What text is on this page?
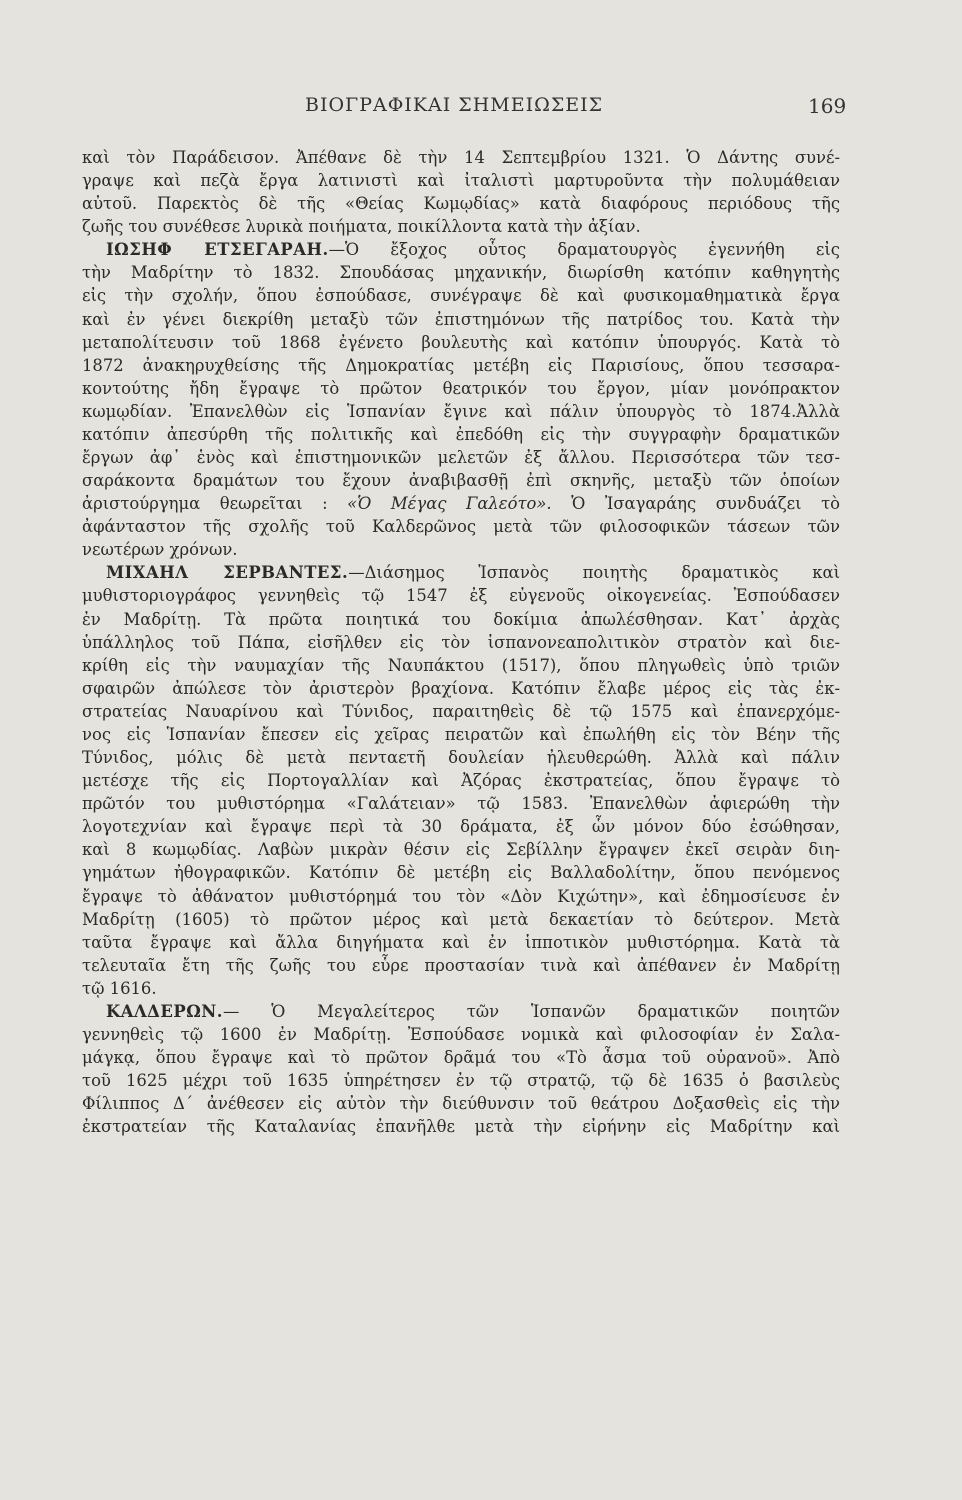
ΒΙΟΓΡΑΦΙΚΑΙ ΣΗΜΕΙΩΣΕΙΣ	169
καὶ τὸν Παράδεισον. Ἀπέθανε δὲ τὴν 14 Σεπτεμβρίου 1321. Ὁ Δάντης συνέ-
γραψε καὶ πεζὰ ἔργα λατινιστὶ καὶ ἰταλιστὶ μαρτυροῦντα τὴν πολυμάθειαν
αὐτοῦ. Παρεκτὸς δὲ τῆς «Θείας Κωμῳδίας» κατὰ διαφόρους περιόδους τῆς
ζωῆς του συνέθεσε λυρικὰ ποιήματα, ποικίλλοντα κατὰ τὴν ἀξίαν.
ΙΩΣΗΦ ΕΤΣΕΓΑΡΑΗ.—Ὁ ἔξοχος οὗτος δραματουργὸς ἐγεννήθη εἰς
τὴν Μαδρίτην τὸ 1832. Σπουδάσας μηχανικήν, διωρίσθη κατόπιν καθηγητὴς
εἰς τὴν σχολήν, ὅπου ἐσπούδασε, συνέγραψε δὲ καὶ φυσικομαθηματικὰ ἔργα
καὶ ἐν γένει διεκρίθη μεταξὺ τῶν ἐπιστημόνων τῆς πατρίδος του. Κατὰ τὴν
μεταπολίτευσιν τοῦ 1868 ἐγένετο βουλευτὴς καὶ κατόπιν ὑπουργός. Κατὰ τὸ
1872 ἀνακηρυχθείσης τῆς Δημοκρατίας μετέβη εἰς Παρισίους, ὅπου τεσσαρα-
κοντούτης ἤδη ἔγραψε τὸ πρῶτον θεατρικόν του ἔργον, μίαν μονόπρακτον
κωμῳδίαν. Ἐπανελθὼν εἰς Ἱσπανίαν ἔγινε καὶ πάλιν ὑπουργὸς τὸ 1874.Ἀλλὰ
κατόπιν ἀπεσύρθη τῆς πολιτικῆς καὶ ἐπεδόθη εἰς τὴν συγγραφὴν δραματικῶν
ἔργων ἀφ᾽ ἑνὸς καὶ ἐπιστημονικῶν μελετῶν ἐξ ἄλλου. Περισσότερα τῶν τεσ-
σαράκοντα δραμάτων του ἔχουν ἀναβιβασθῇ ἐπὶ σκηνῆς, μεταξὺ τῶν ὁποίων
ἀριστούργημα θεωρεῖται : «Ὁ Μέγας Γαλεότο». Ὁ Ἰσαγαράης συνδυάζει τὸ
ἀφάνταστον τῆς σχολῆς τοῦ Καλδερῶνος μετὰ τῶν φιλοσοφικῶν τάσεων τῶν
νεωτέρων χρόνων.
ΜΙΧΑΗΛ ΣΕΡΒΑΝΤΕΣ.—Διάσημος Ἱσπανὸς ποιητὴς δραματικὸς καὶ
μυθιστοριογράφος γεννηθεὶς τῷ 1547 ἐξ εὐγενοῦς οἰκογενείας. Ἐσπούδασεν
ἐν Μαδρίτῃ. Τὰ πρῶτα ποιητικά του δοκίμια ἀπωλέσθησαν. Κατ᾽ ἀρχὰς
ὑπάλληλος τοῦ Πάπα, εἰσῆλθεν εἰς τὸν ἱσπανονεαπολιτικὸν στρατὸν καὶ διε-
κρίθη εἰς τὴν ναυμαχίαν τῆς Ναυπάκτου (1517), ὅπου πληγωθεὶς ὑπὸ τριῶν
σφαιρῶν ἀπώλεσε τὸν ἀριστερὸν βραχίονα. Κατόπιν ἔλαβε μέρος εἰς τὰς ἐκ-
στρατείας Ναυαρίνου καὶ Τύνιδος, παραιτηθεὶς δὲ τῷ 1575 καὶ ἐπανερχόμε-
νος εἰς Ἱσπανίαν ἔπεσεν εἰς χεῖρας πειρατῶν καὶ ἐπωλήθη εἰς τὸν Βέην τῆς
Τύνιδος, μόλις δὲ μετὰ πενταετῆ δουλείαν ἠλευθερώθη. Ἀλλὰ καὶ πάλιν
μετέσχε τῆς εἰς Πορτογαλλίαν καὶ Ἀζόρας ἐκστρατείας, ὅπου ἔγραψε τὸ
πρῶτόν του μυθιστόρημα «Γαλάτειαν» τῷ 1583. Ἐπανελθὼν ἀφιερώθη τὴν
λογοτεχνίαν καὶ ἔγραψε περὶ τὰ 30 δράματα, ἐξ ὧν μόνον δύο ἐσώθησαν,
καὶ 8 κωμῳδίας. Λαβὼν μικρὰν θέσιν εἰς Σεβίλλην ἔγραψεν ἐκεῖ σειρὰν διη-
γημάτων ἠθογραφικῶν. Κατόπιν δὲ μετέβη εἰς Βαλλαδολίτην, ὅπου πενόμενος
ἔγραψε τὸ ἀθάνατον μυθιστόρημά του τὸν «Δὸν Κιχώτην», καὶ ἐδημοσίευσε ἐν
Μαδρίτῃ (1605) τὸ πρῶτον μέρος καὶ μετὰ δεκαετίαν τὸ δεύτερον. Μετὰ
ταῦτα ἔγραψε καὶ ἄλλα διηγήματα καὶ ἐν ἱπποτικὸν μυθιστόρημα. Κατὰ τὰ
τελευταῖα ἔτη τῆς ζωῆς του εὗρε προστασίαν τινὰ καὶ ἀπέθανεν ἐν Μαδρίτῃ
τῷ 1616.
ΚΑΛΔΕΡΩΝ.— Ὁ Μεγαλείτερος τῶν Ἱσπανῶν δραματικῶν ποιητῶν
γεννηθεὶς τῷ 1600 ἐν Μαδρίτῃ. Ἐσπούδασε νομικὰ καὶ φιλοσοφίαν ἐν Σαλα-
μάγκᾳ, ὅπου ἔγραψε καὶ τὸ πρῶτον δρᾶμά του «Τὸ ἆσμα τοῦ οὐρανοῦ». Ἀπὸ
τοῦ 1625 μέχρι τοῦ 1635 ὑπηρέτησεν ἐν τῷ στρατῷ, τῷ δὲ 1635 ὁ βασιλεὺς
Φίλιππος Δ´ ἀνέθεσεν εἰς αὐτὸν τὴν διεύθυνσιν τοῦ θεάτρου Δοξασθεὶς εἰς τὴν
ἐκστρατείαν τῆς Καταλανίας ἐπανῆλθε μετὰ τὴν εἰρήνην εἰς Μαδρίτην καὶ
